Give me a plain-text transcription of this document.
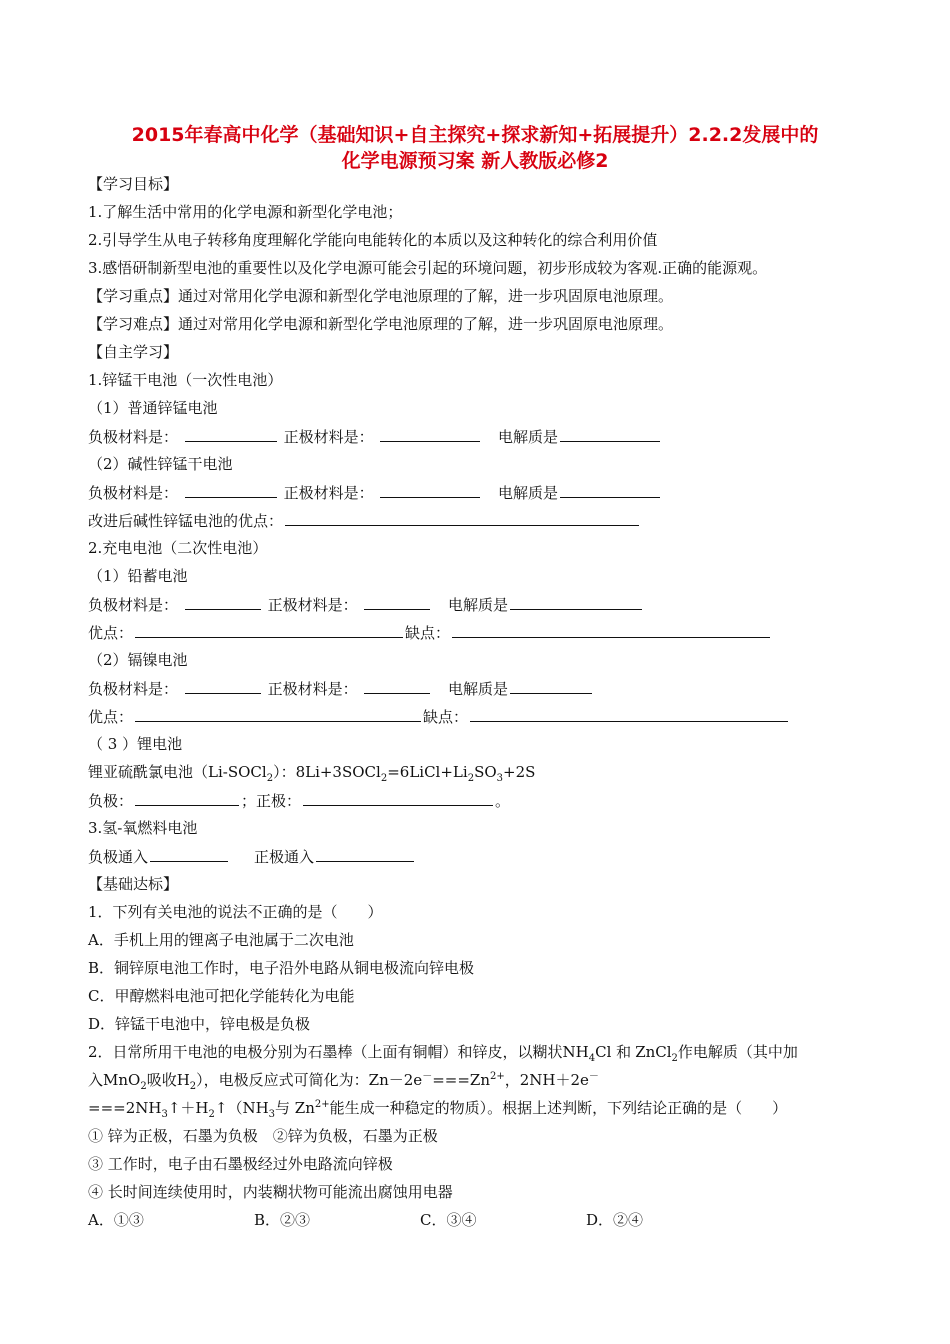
2015年春高中化学（基础知识+自主探究+探求新知+拓展提升）2.2.2发展中的
化学电源预习案 新人教版必修2
【学习目标】
1.了解生活中常用的化学电源和新型化学电池；
2.引导学生从电子转移角度理解化学能向电能转化的本质以及这种转化的综合利用价值
3.感悟研制新型电池的重要性以及化学电源可能会引起的环境问题，初步形成较为客观.正确的能源观。
【学习重点】通过对常用化学电源和新型化学电池原理的了解，进一步巩固原电池原理。
【学习难点】通过对常用化学电源和新型化学电池原理的了解，进一步巩固原电池原理。
【自主学习】
1.锌锰干电池（一次性电池）
（1）普通锌锰电池
负极材料是：	正极材料是：	电解质是
（2）碱性锌锰干电池
负极材料是：	正极材料是：	电解质是
改进后碱性锌锰电池的优点：
2.充电电池（二次性电池）
（1）铅蓄电池
负极材料是：	正极材料是：	电解质是
优点：	缺点：
（2）镉镍电池
负极材料是：	正极材料是：	电解质是
优点：	缺点：
（ 3 ）锂电池
锂亚硫酰氯电池（Li-SOCl$_2$）：$8Li+3SOCl_2=6LiCl+Li_2SO_3+2S$
负极：	；正极：	。
3.氢-氧燃料电池
负极通入	正极通入
【基础达标】
1．下列有关电池的说法不正确的是（　　）
A．手机上用的锂离子电池属于二次电池
B．铜锌原电池工作时，电子沿外电路从铜电极流向锌电极
C．甲醇燃料电池可把化学能转化为电能
D．锌锰干电池中，锌电极是负极
2．日常所用干电池的电极分别为石墨棒（上面有铜帽）和锌皮，以糊状$NH_4Cl$ 和 ZnCl$_2$作电解质（其中加
入MnO$_2$吸收$H_2$），电极反应式可简化为：$Zn-2e^-===Zn^{2+}$，2NH＋2e－
$===2NH_3↑+H_2↑(NH_3$与 $Zn^{2+}$能生成一种稳定的物质）。根据上述判断，下列结论正确的是（　　）
① 锌为正极，石墨为负极　②锌为负极，石墨为正极
③ 工作时，电子由石墨极经过外电路流向锌极
④ 长时间连续使用时，内装糊状物可能流出腐蚀用电器
A．①③	B．②③	C．③④	D．②④
